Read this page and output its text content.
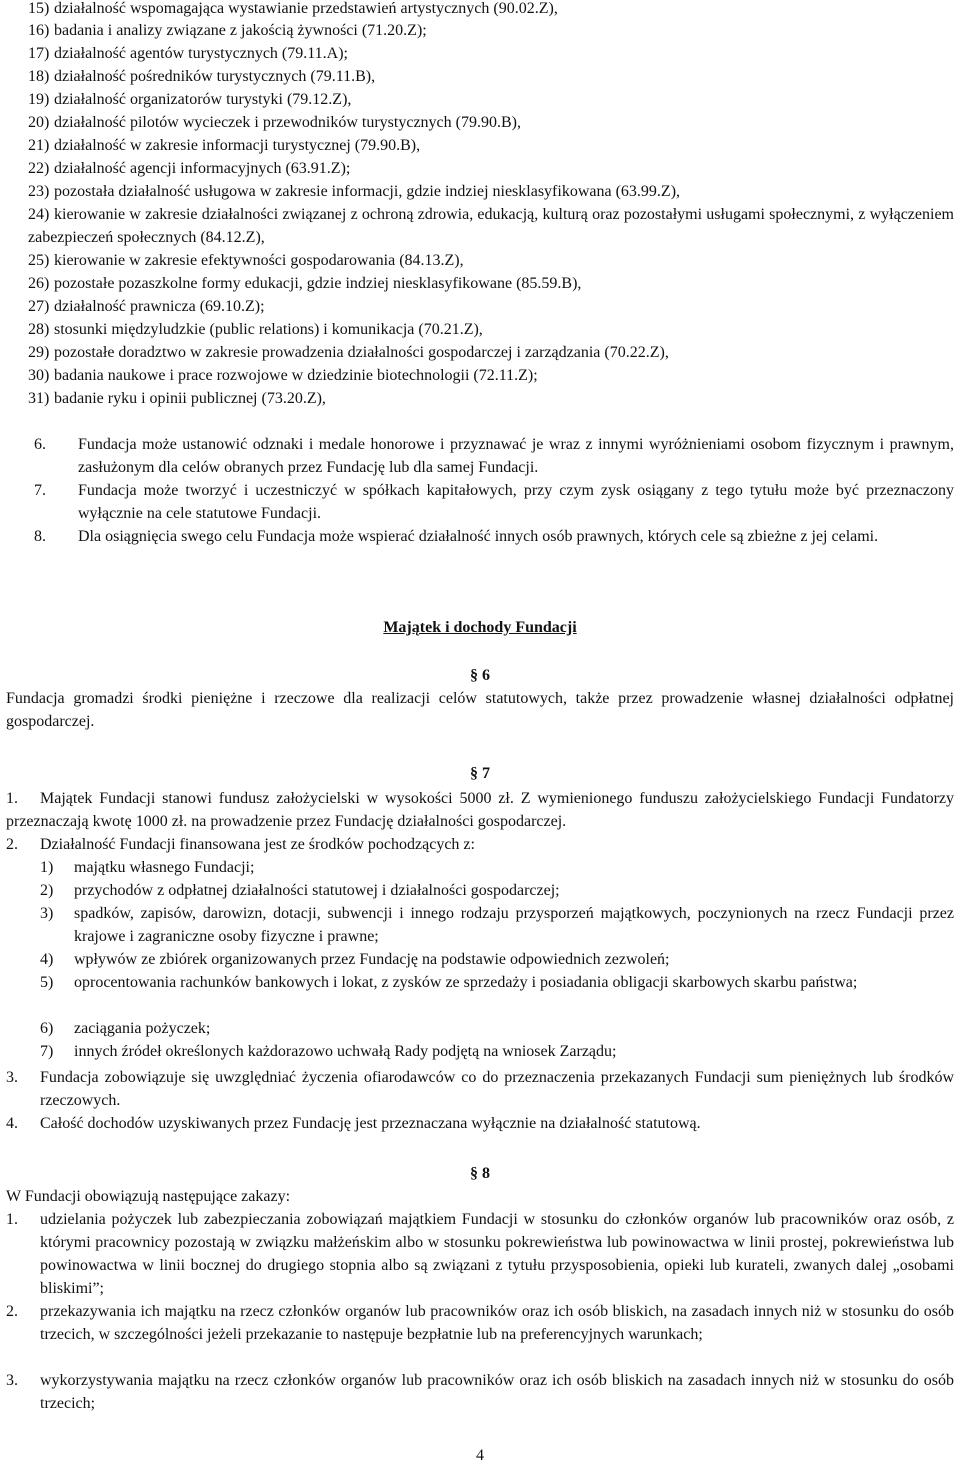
15) działalność wspomagająca wystawianie przedstawień artystycznych (90.02.Z),
16) badania i analizy związane z jakością żywności (71.20.Z);
17) działalność agentów turystycznych (79.11.A);
18) działalność pośredników turystycznych (79.11.B),
19) działalność organizatorów turystyki (79.12.Z),
20) działalność pilotów wycieczek i przewodników turystycznych (79.90.B),
21) działalność w zakresie informacji turystycznej (79.90.B),
22) działalność agencji informacyjnych (63.91.Z);
23) pozostała działalność usługowa w zakresie informacji, gdzie indziej niesklasyfikowana (63.99.Z),
24) kierowanie w zakresie działalności związanej z ochroną zdrowia, edukacją, kulturą oraz pozostałymi usługami społecznymi, z wyłączeniem zabezpieczeń społecznych (84.12.Z),
25) kierowanie w zakresie efektywności gospodarowania (84.13.Z),
26) pozostałe pozaszkolne formy edukacji, gdzie indziej niesklasyfikowane (85.59.B),
27) działalność prawnicza (69.10.Z);
28) stosunki międzyludzkie (public relations) i komunikacja (70.21.Z),
29) pozostałe doradztwo w zakresie prowadzenia działalności gospodarczej i zarządzania (70.22.Z),
30) badania naukowe i prace rozwojowe w dziedzinie biotechnologii (72.11.Z);
31) badanie ryku i opinii publicznej (73.20.Z),
6. Fundacja może ustanowić odznaki i medale honorowe i przyznawać je wraz z innymi wyróżnieniami osobom fizycznym i prawnym, zasłużonym dla celów obranych przez Fundację lub dla samej Fundacji.
7. Fundacja może tworzyć i uczestniczyć w spółkach kapitałowych, przy czym zysk osiągany z tego tytułu może być przeznaczony wyłącznie na cele statutowe Fundacji.
8. Dla osiągnięcia swego celu Fundacja może wspierać działalność innych osób prawnych, których cele są zbieżne z jej celami.
Majątek i dochody Fundacji
§ 6
Fundacja gromadzi środki pieniężne i rzeczowe dla realizacji celów statutowych, także przez prowadzenie własnej działalności odpłatnej gospodarczej.
§ 7
1.	Majątek Fundacji stanowi fundusz założycielski w wysokości 5000 zł. Z wymienionego funduszu założycielskiego Fundacji Fundatorzy przeznaczają kwotę 1000 zł. na prowadzenie przez Fundację działalności gospodarczej.
2. Działalność Fundacji finansowana jest ze środków pochodzących z:
1) majątku własnego Fundacji;
2) przychodów z odpłatnej działalności statutowej i działalności gospodarczej;
3) spadków, zapisów, darowizn, dotacji, subwencji i innego rodzaju przysporzeń majątkowych, poczynionych na rzecz Fundacji przez krajowe i zagraniczne osoby fizyczne i prawne;
4) wpływów ze zbiórek organizowanych przez Fundację na podstawie odpowiednich zezwoleń;
5) oprocentowania rachunków bankowych i lokat, z zysków ze sprzedaży i posiadania obligacji skarbowych skarbu państwa;
6) zaciągania pożyczek;
7) innych źródeł określonych każdorazowo uchwałą Rady podjętą na wniosek Zarządu;
3. Fundacja zobowiązuje się uwzględniać życzenia ofiarodawców co do przeznaczenia przekazanych Fundacji sum pieniężnych lub środków rzeczowych.
4. Całość dochodów uzyskiwanych przez Fundację jest przeznaczana wyłącznie na działalność statutową.
§ 8
W Fundacji obowiązują następujące zakazy:
1. udzielania pożyczek lub zabezpieczania zobowiązań majątkiem Fundacji w stosunku do członków organów lub pracowników oraz osób, z którymi pracownicy pozostają w związku małżeńskim albo w stosunku pokrewieństwa lub powinowactwa w linii prostej, pokrewieństwa lub powinowactwa w linii bocznej do drugiego stopnia albo są związani z tytułu przysposobienia, opieki lub kurateli, zwanych dalej „osobami bliskimi”;
2. przekazywania ich majątku na rzecz członków organów lub pracowników oraz ich osób bliskich, na zasadach innych niż w stosunku do osób trzecich, w szczególności jeżeli przekazanie to następuje bezpłatnie lub na preferencyjnych warunkach;
3. wykorzystywania majątku na rzecz członków organów lub pracowników oraz ich osób bliskich na zasadach innych niż w stosunku do osób trzecich;
4
